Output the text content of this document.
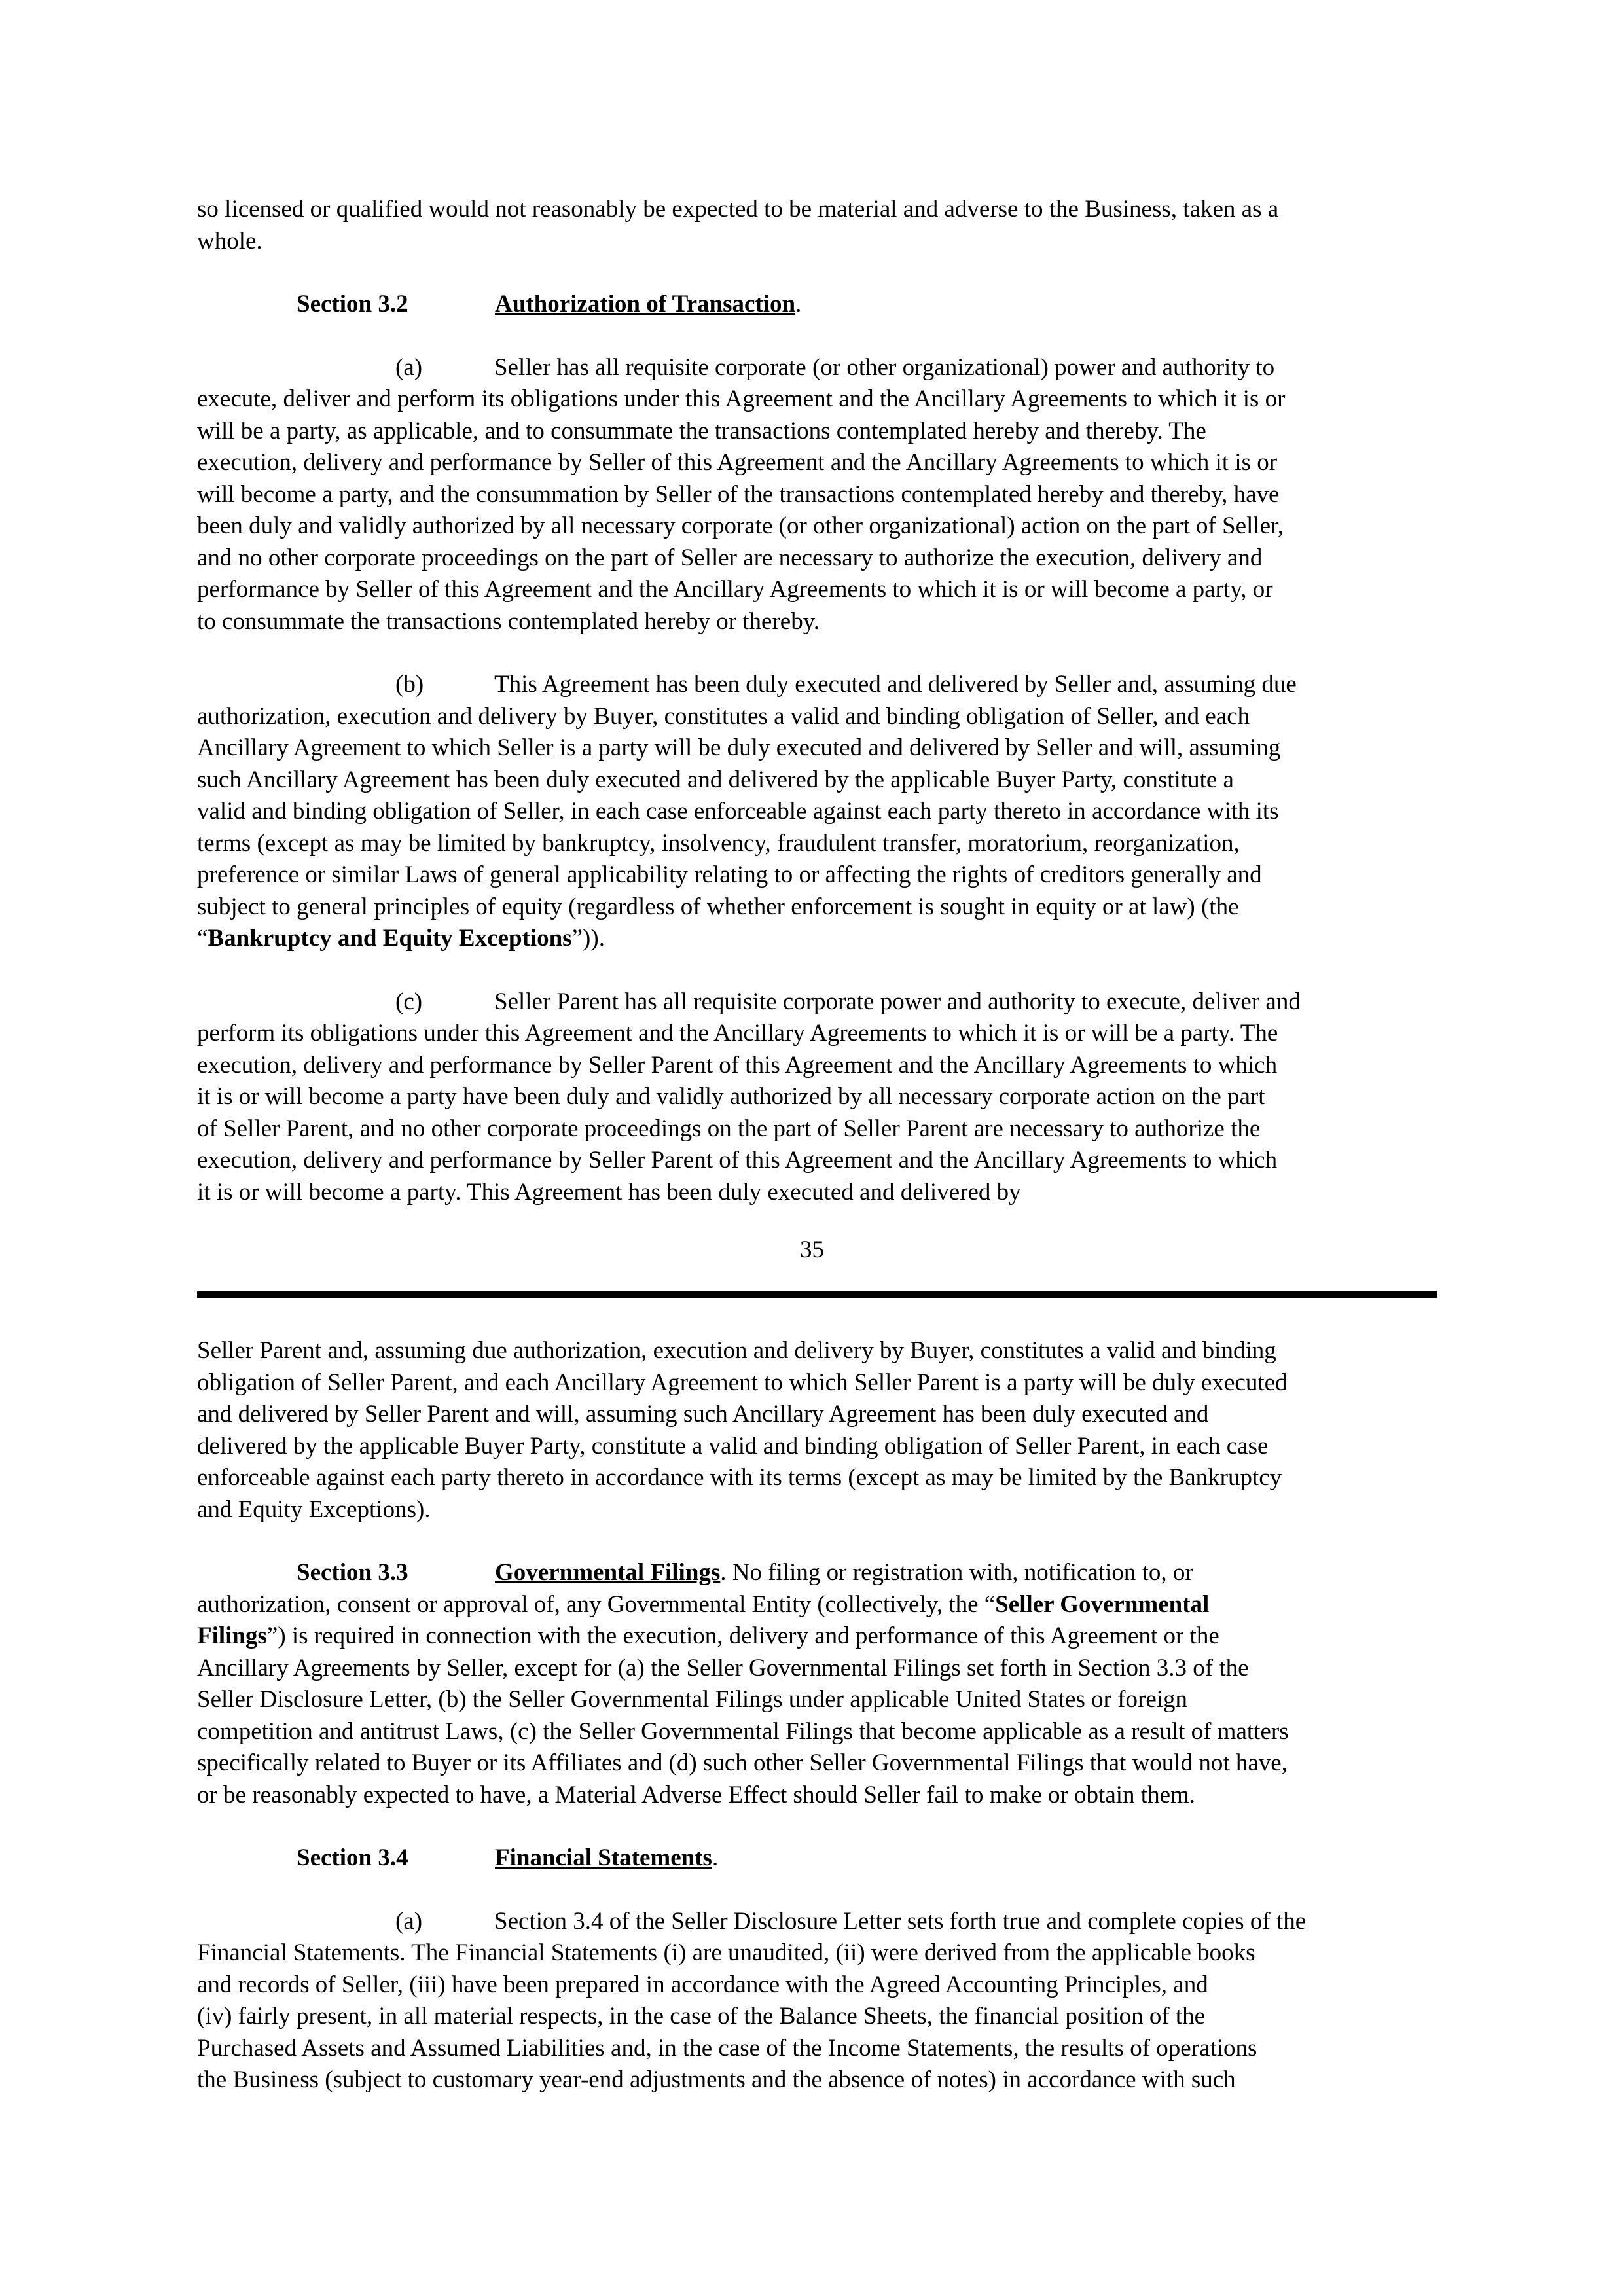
so licensed or qualified would not reasonably be expected to be material and adverse to the Business, taken as a
whole.
Section 3.2	Authorization of Transaction.
(a)	Seller has all requisite corporate (or other organizational) power and authority to
execute, deliver and perform its obligations under this Agreement and the Ancillary Agreements to which it is or
will be a party, as applicable, and to consummate the transactions contemplated hereby and thereby. The
execution, delivery and performance by Seller of this Agreement and the Ancillary Agreements to which it is or
will become a party, and the consummation by Seller of the transactions contemplated hereby and thereby, have
been duly and validly authorized by all necessary corporate (or other organizational) action on the part of Seller,
and no other corporate proceedings on the part of Seller are necessary to authorize the execution, delivery and
performance by Seller of this Agreement and the Ancillary Agreements to which it is or will become a party, or
to consummate the transactions contemplated hereby or thereby.
(b)	This Agreement has been duly executed and delivered by Seller and, assuming due
authorization, execution and delivery by Buyer, constitutes a valid and binding obligation of Seller, and each
Ancillary Agreement to which Seller is a party will be duly executed and delivered by Seller and will, assuming
such Ancillary Agreement has been duly executed and delivered by the applicable Buyer Party, constitute a
valid and binding obligation of Seller, in each case enforceable against each party thereto in accordance with its
terms (except as may be limited by bankruptcy, insolvency, fraudulent transfer, moratorium, reorganization,
preference or similar Laws of general applicability relating to or affecting the rights of creditors generally and
subject to general principles of equity (regardless of whether enforcement is sought in equity or at law) (the
“Bankruptcy and Equity Exceptions”)).
(c)	Seller Parent has all requisite corporate power and authority to execute, deliver and
perform its obligations under this Agreement and the Ancillary Agreements to which it is or will be a party. The
execution, delivery and performance by Seller Parent of this Agreement and the Ancillary Agreements to which
it is or will become a party have been duly and validly authorized by all necessary corporate action on the part
of Seller Parent, and no other corporate proceedings on the part of Seller Parent are necessary to authorize the
execution, delivery and performance by Seller Parent of this Agreement and the Ancillary Agreements to which
it is or will become a party. This Agreement has been duly executed and delivered by
35
Seller Parent and, assuming due authorization, execution and delivery by Buyer, constitutes a valid and binding
obligation of Seller Parent, and each Ancillary Agreement to which Seller Parent is a party will be duly executed
and delivered by Seller Parent and will, assuming such Ancillary Agreement has been duly executed and
delivered by the applicable Buyer Party, constitute a valid and binding obligation of Seller Parent, in each case
enforceable against each party thereto in accordance with its terms (except as may be limited by the Bankruptcy
and Equity Exceptions).
Section 3.3	Governmental Filings. No filing or registration with, notification to, or
authorization, consent or approval of, any Governmental Entity (collectively, the “Seller Governmental
Filings”) is required in connection with the execution, delivery and performance of this Agreement or the
Ancillary Agreements by Seller, except for (a) the Seller Governmental Filings set forth in Section 3.3 of the
Seller Disclosure Letter, (b) the Seller Governmental Filings under applicable United States or foreign
competition and antitrust Laws, (c) the Seller Governmental Filings that become applicable as a result of matters
specifically related to Buyer or its Affiliates and (d) such other Seller Governmental Filings that would not have,
or be reasonably expected to have, a Material Adverse Effect should Seller fail to make or obtain them.
Section 3.4	Financial Statements.
(a)	Section 3.4 of the Seller Disclosure Letter sets forth true and complete copies of the
Financial Statements. The Financial Statements (i) are unaudited, (ii) were derived from the applicable books
and records of Seller, (iii) have been prepared in accordance with the Agreed Accounting Principles, and
(iv) fairly present, in all material respects, in the case of the Balance Sheets, the financial position of the
Purchased Assets and Assumed Liabilities and, in the case of the Income Statements, the results of operations
the Business (subject to customary year-end adjustments and the absence of notes) in accordance with such
